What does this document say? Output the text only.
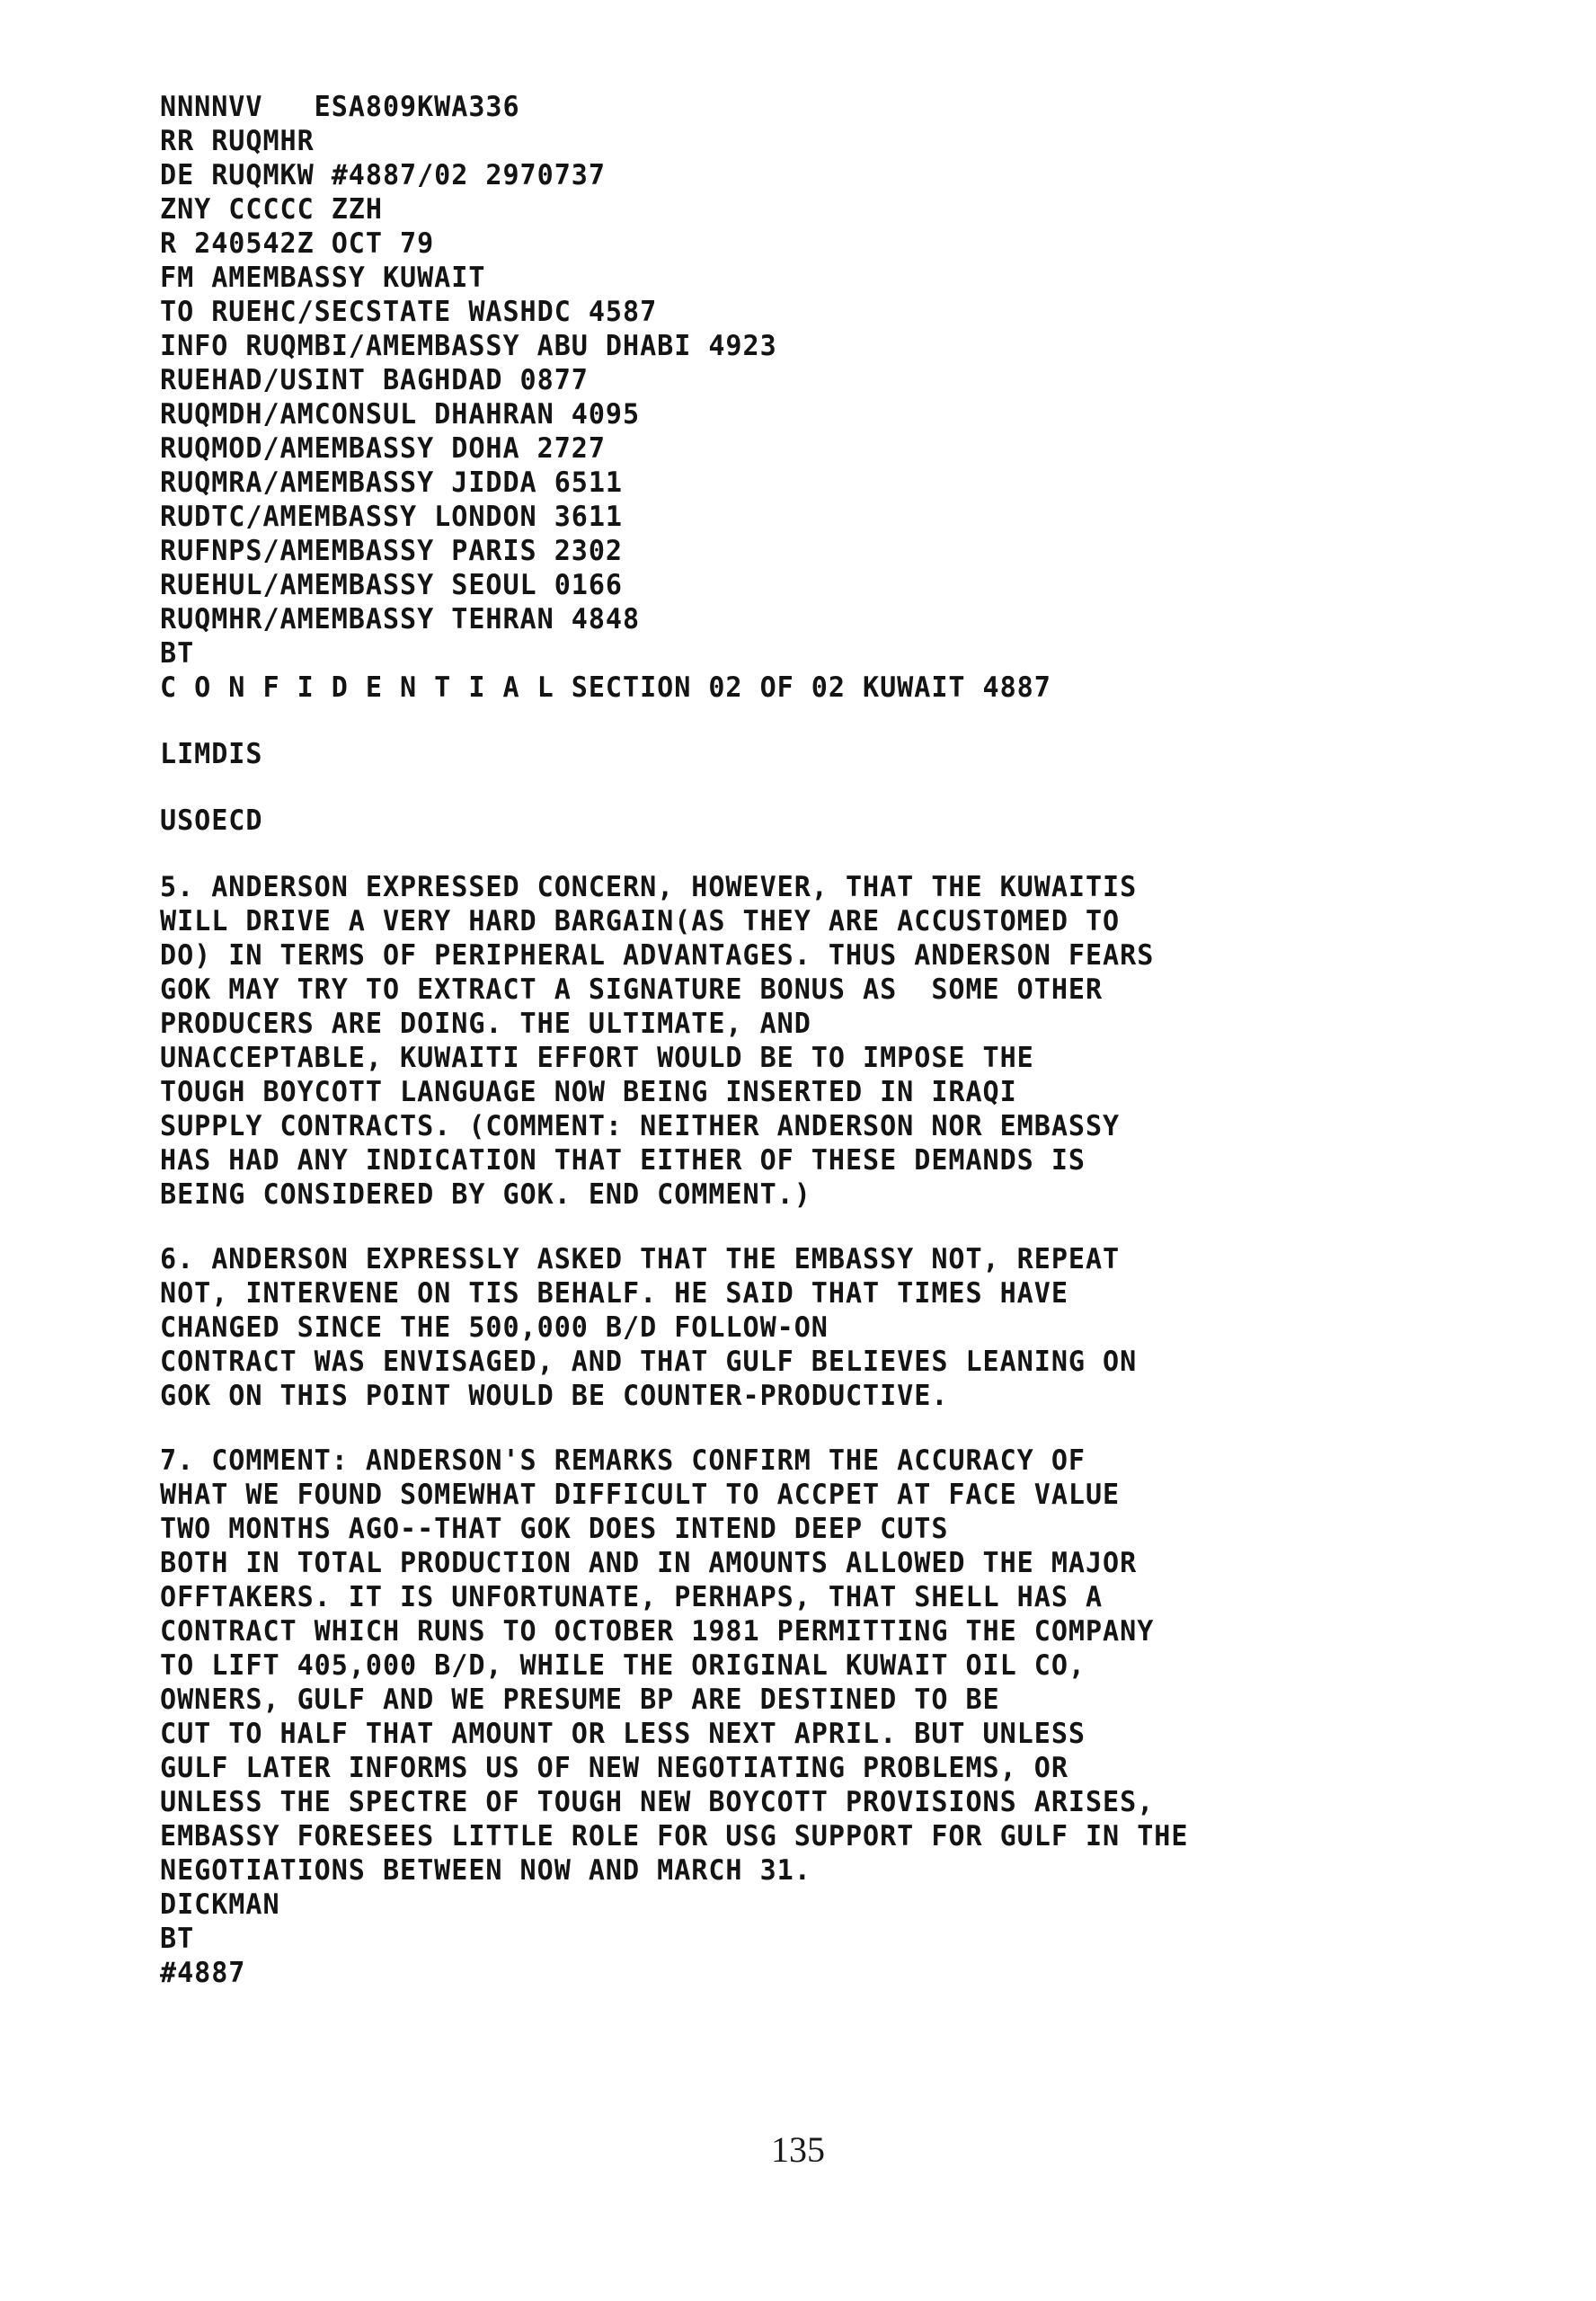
NNNNVV   ESA809KWA336
RR RUQMHR
DE RUQMKW #4887/02 2970737
ZNY CCCCC ZZH
R 240542Z OCT 79
FM AMEMBASSY KUWAIT
TO RUEHC/SECSTATE WASHDC 4587
INFO RUQMBI/AMEMBASSY ABU DHABI 4923
RUEHAD/USINT BAGHDAD 0877
RUQMDH/AMCONSUL DHAHRAN 4095
RUQMOD/AMEMBASSY DOHA 2727
RUQMRA/AMEMBASSY JIDDA 6511
RUDTC/AMEMBASSY LONDON 3611
RUFNPS/AMEMBASSY PARIS 2302
RUEHUL/AMEMBASSY SEOUL 0166
RUQMHR/AMEMBASSY TEHRAN 4848
BT
C O N F I D E N T I A L SECTION 02 OF 02 KUWAIT 4887
LIMDIS
USOECD
5. ANDERSON EXPRESSED CONCERN, HOWEVER, THAT THE KUWAITIS
WILL DRIVE A VERY HARD BARGAIN(AS THEY ARE ACCUSTOMED TO
DO) IN TERMS OF PERIPHERAL ADVANTAGES. THUS ANDERSON FEARS
GOK MAY TRY TO EXTRACT A SIGNATURE BONUS AS  SOME OTHER
PRODUCERS ARE DOING. THE ULTIMATE, AND
UNACCEPTABLE, KUWAITI EFFORT WOULD BE TO IMPOSE THE
TOUGH BOYCOTT LANGUAGE NOW BEING INSERTED IN IRAQI
SUPPLY CONTRACTS. (COMMENT: NEITHER ANDERSON NOR EMBASSY
HAS HAD ANY INDICATION THAT EITHER OF THESE DEMANDS IS
BEING CONSIDERED BY GOK. END COMMENT.)
6. ANDERSON EXPRESSLY ASKED THAT THE EMBASSY NOT, REPEAT
NOT, INTERVENE ON TIS BEHALF. HE SAID THAT TIMES HAVE
CHANGED SINCE THE 500,000 B/D FOLLOW-ON
CONTRACT WAS ENVISAGED, AND THAT GULF BELIEVES LEANING ON
GOK ON THIS POINT WOULD BE COUNTER-PRODUCTIVE.
7. COMMENT: ANDERSON'S REMARKS CONFIRM THE ACCURACY OF
WHAT WE FOUND SOMEWHAT DIFFICULT TO ACCPET AT FACE VALUE
TWO MONTHS AGO--THAT GOK DOES INTEND DEEP CUTS
BOTH IN TOTAL PRODUCTION AND IN AMOUNTS ALLOWED THE MAJOR
OFFTAKERS. IT IS UNFORTUNATE, PERHAPS, THAT SHELL HAS A
CONTRACT WHICH RUNS TO OCTOBER 1981 PERMITTING THE COMPANY
TO LIFT 405,000 B/D, WHILE THE ORIGINAL KUWAIT OIL CO,
OWNERS, GULF AND WE PRESUME BP ARE DESTINED TO BE
CUT TO HALF THAT AMOUNT OR LESS NEXT APRIL. BUT UNLESS
GULF LATER INFORMS US OF NEW NEGOTIATING PROBLEMS, OR
UNLESS THE SPECTRE OF TOUGH NEW BOYCOTT PROVISIONS ARISES,
EMBASSY FORESEES LITTLE ROLE FOR USG SUPPORT FOR GULF IN THE
NEGOTIATIONS BETWEEN NOW AND MARCH 31.
DICKMAN
BT
#4887
135
